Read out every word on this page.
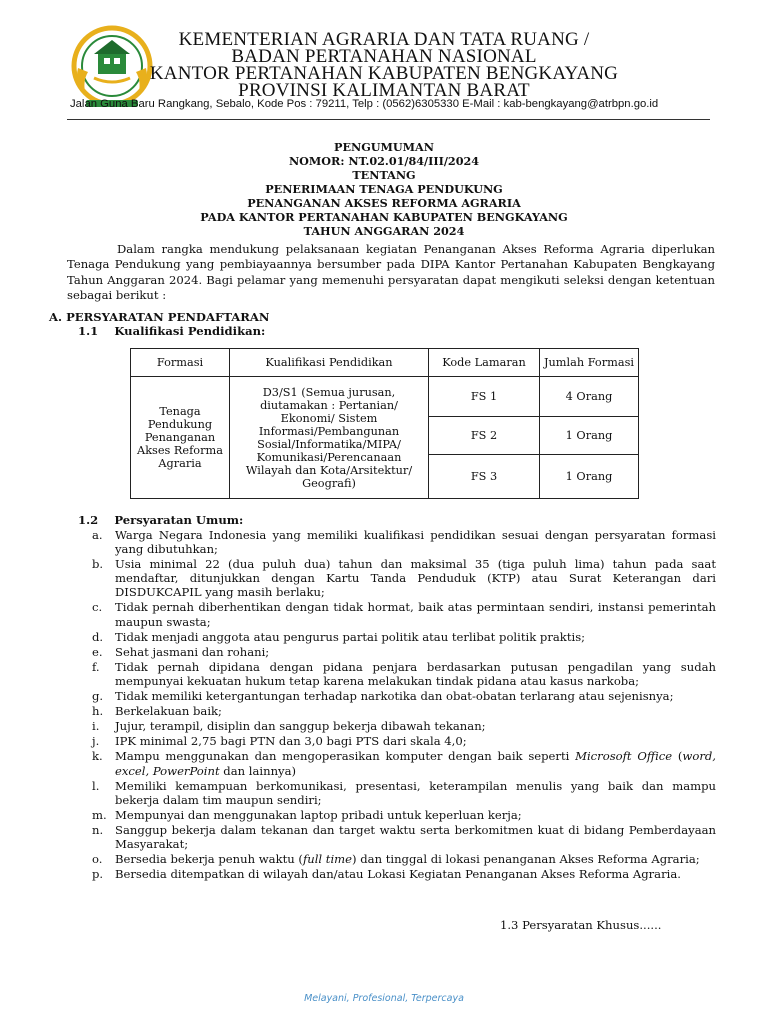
KEMENTERIAN AGRARIA DAN TATA RUANG /
BADAN PERTANAHAN NASIONAL
KANTOR PERTANAHAN KABUPATEN BENGKAYANG
PROVINSI KALIMANTAN BARAT
Jalan Guna Baru Rangkang, Sebalo, Kode Pos : 79211, Telp : (0562)6305330 E-Mail : kab-bengkayang@atrbpn.go.id
PENGUMUMAN
NOMOR: NT.02.01/84/III/2024
TENTANG
PENERIMAAN TENAGA PENDUKUNG
PENANGANAN AKSES REFORMA AGRARIA
PADA KANTOR PERTANAHAN KABUPATEN BENGKAYANG
TAHUN ANGGARAN 2024
Dalam rangka mendukung pelaksanaan kegiatan Penanganan Akses Reforma Agraria diperlukan Tenaga Pendukung yang pembiayaannya bersumber pada DIPA Kantor Pertanahan Kabupaten Bengkayang Tahun Anggaran 2024. Bagi pelamar yang memenuhi persyaratan dapat mengikuti seleksi dengan ketentuan sebagai berikut :
A. PERSYARATAN PENDAFTARAN
1.1    Kualifikasi Pendidikan:
Formasi	Kualifikasi Pendidikan	Kode Lamaran	Jumlah Formasi
Tenaga Pendukung Penanganan Akses Reforma Agraria	D3/S1 (Semua jurusan, diutamakan : Pertanian/ Ekonomi/ Sistem Informasi/Pembangunan Sosial/Informatika/MIPA/ Komunikasi/Perencanaan Wilayah dan Kota/Arsitektur/ Geografi)	FS 1	4 Orang
		FS 2	1 Orang
		FS 3	1 Orang
1.2    Persyaratan Umum:
a.	Warga Negara Indonesia yang memiliki kualifikasi pendidikan sesuai dengan persyaratan formasi yang dibutuhkan;
b.	Usia minimal 22 (dua puluh dua) tahun dan maksimal 35 (tiga puluh lima) tahun pada saat mendaftar, ditunjukkan dengan Kartu Tanda Penduduk (KTP) atau Surat Keterangan dari DISDUKCAPIL yang masih berlaku;
c.	Tidak pernah diberhentikan dengan tidak hormat, baik atas permintaan sendiri, instansi pemerintah maupun swasta;
d.	Tidak menjadi anggota atau pengurus partai politik atau terlibat politik praktis;
e.	Sehat jasmani dan rohani;
f.	Tidak pernah dipidana dengan pidana penjara berdasarkan putusan pengadilan yang sudah mempunyai kekuatan hukum tetap karena melakukan tindak pidana atau kasus narkoba;
g.	Tidak memiliki ketergantungan terhadap narkotika dan obat-obatan terlarang atau sejenisnya;
h.	Berkelakuan baik;
i.	Jujur, terampil, disiplin dan sanggup bekerja dibawah tekanan;
j.	IPK minimal 2,75 bagi PTN dan 3,0 bagi PTS dari skala 4,0;
k.	Mampu menggunakan dan mengoperasikan komputer dengan baik seperti Microsoft Office (word, excel, PowerPoint dan lainnya)
l.	Memiliki kemampuan berkomunikasi, presentasi, keterampilan menulis yang baik dan mampu bekerja dalam tim maupun sendiri;
m. Mempunyai dan menggunakan laptop pribadi untuk keperluan kerja;
n.	Sanggup bekerja dalam tekanan dan target waktu serta berkomitmen kuat di bidang Pemberdayaan Masyarakat;
o.	Bersedia bekerja penuh waktu (full time) dan tinggal di lokasi penanganan Akses Reforma Agraria;
p.	Bersedia ditempatkan di wilayah dan/atau Lokasi Kegiatan Penanganan Akses Reforma Agraria.
1.3 Persyaratan Khusus......
Melayani, Profesional, Terpercaya
